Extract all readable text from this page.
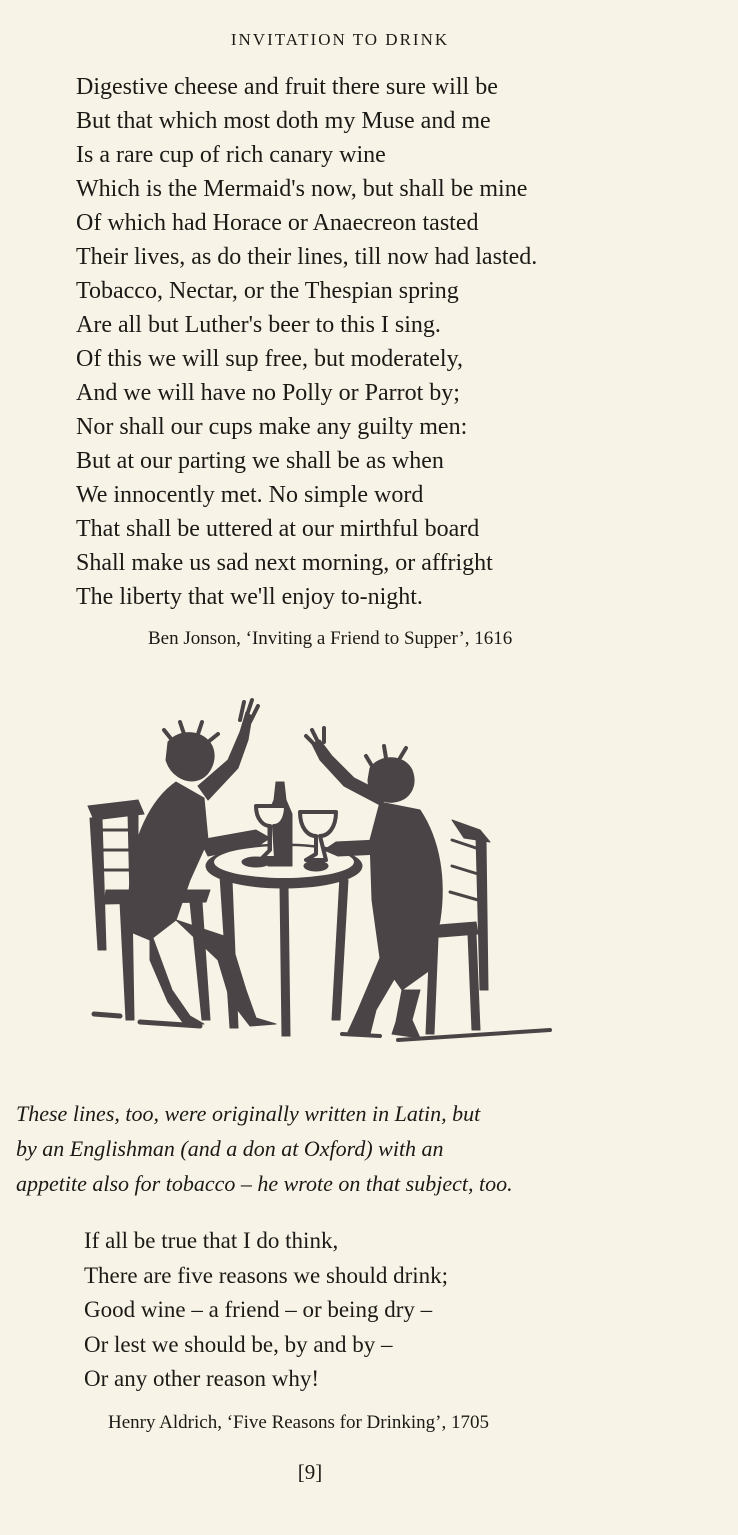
INVITATION TO DRINK
Digestive cheese and fruit there sure will be
But that which most doth my Muse and me
Is a rare cup of rich canary wine
Which is the Mermaid's now, but shall be mine
Of which had Horace or Anaecreon tasted
Their lives, as do their lines, till now had lasted.
Tobacco, Nectar, or the Thespian spring
Are all but Luther's beer to this I sing.
Of this we will sup free, but moderately,
And we will have no Polly or Parrot by;
Nor shall our cups make any guilty men:
But at our parting we shall be as when
We innocently met. No simple word
That shall be uttered at our mirthful board
Shall make us sad next morning, or affright
The liberty that we'll enjoy to-night.
Ben Jonson, ‘Inviting a Friend to Supper’, 1616
These lines, too, were originally written in Latin, but
by an Englishman (and a don at Oxford) with an
appetite also for tobacco – he wrote on that subject, too.
If all be true that I do think,
There are five reasons we should drink;
Good wine – a friend – or being dry –
Or lest we should be, by and by –
Or any other reason why!
Henry Aldrich, ‘Five Reasons for Drinking’, 1705
[9]
